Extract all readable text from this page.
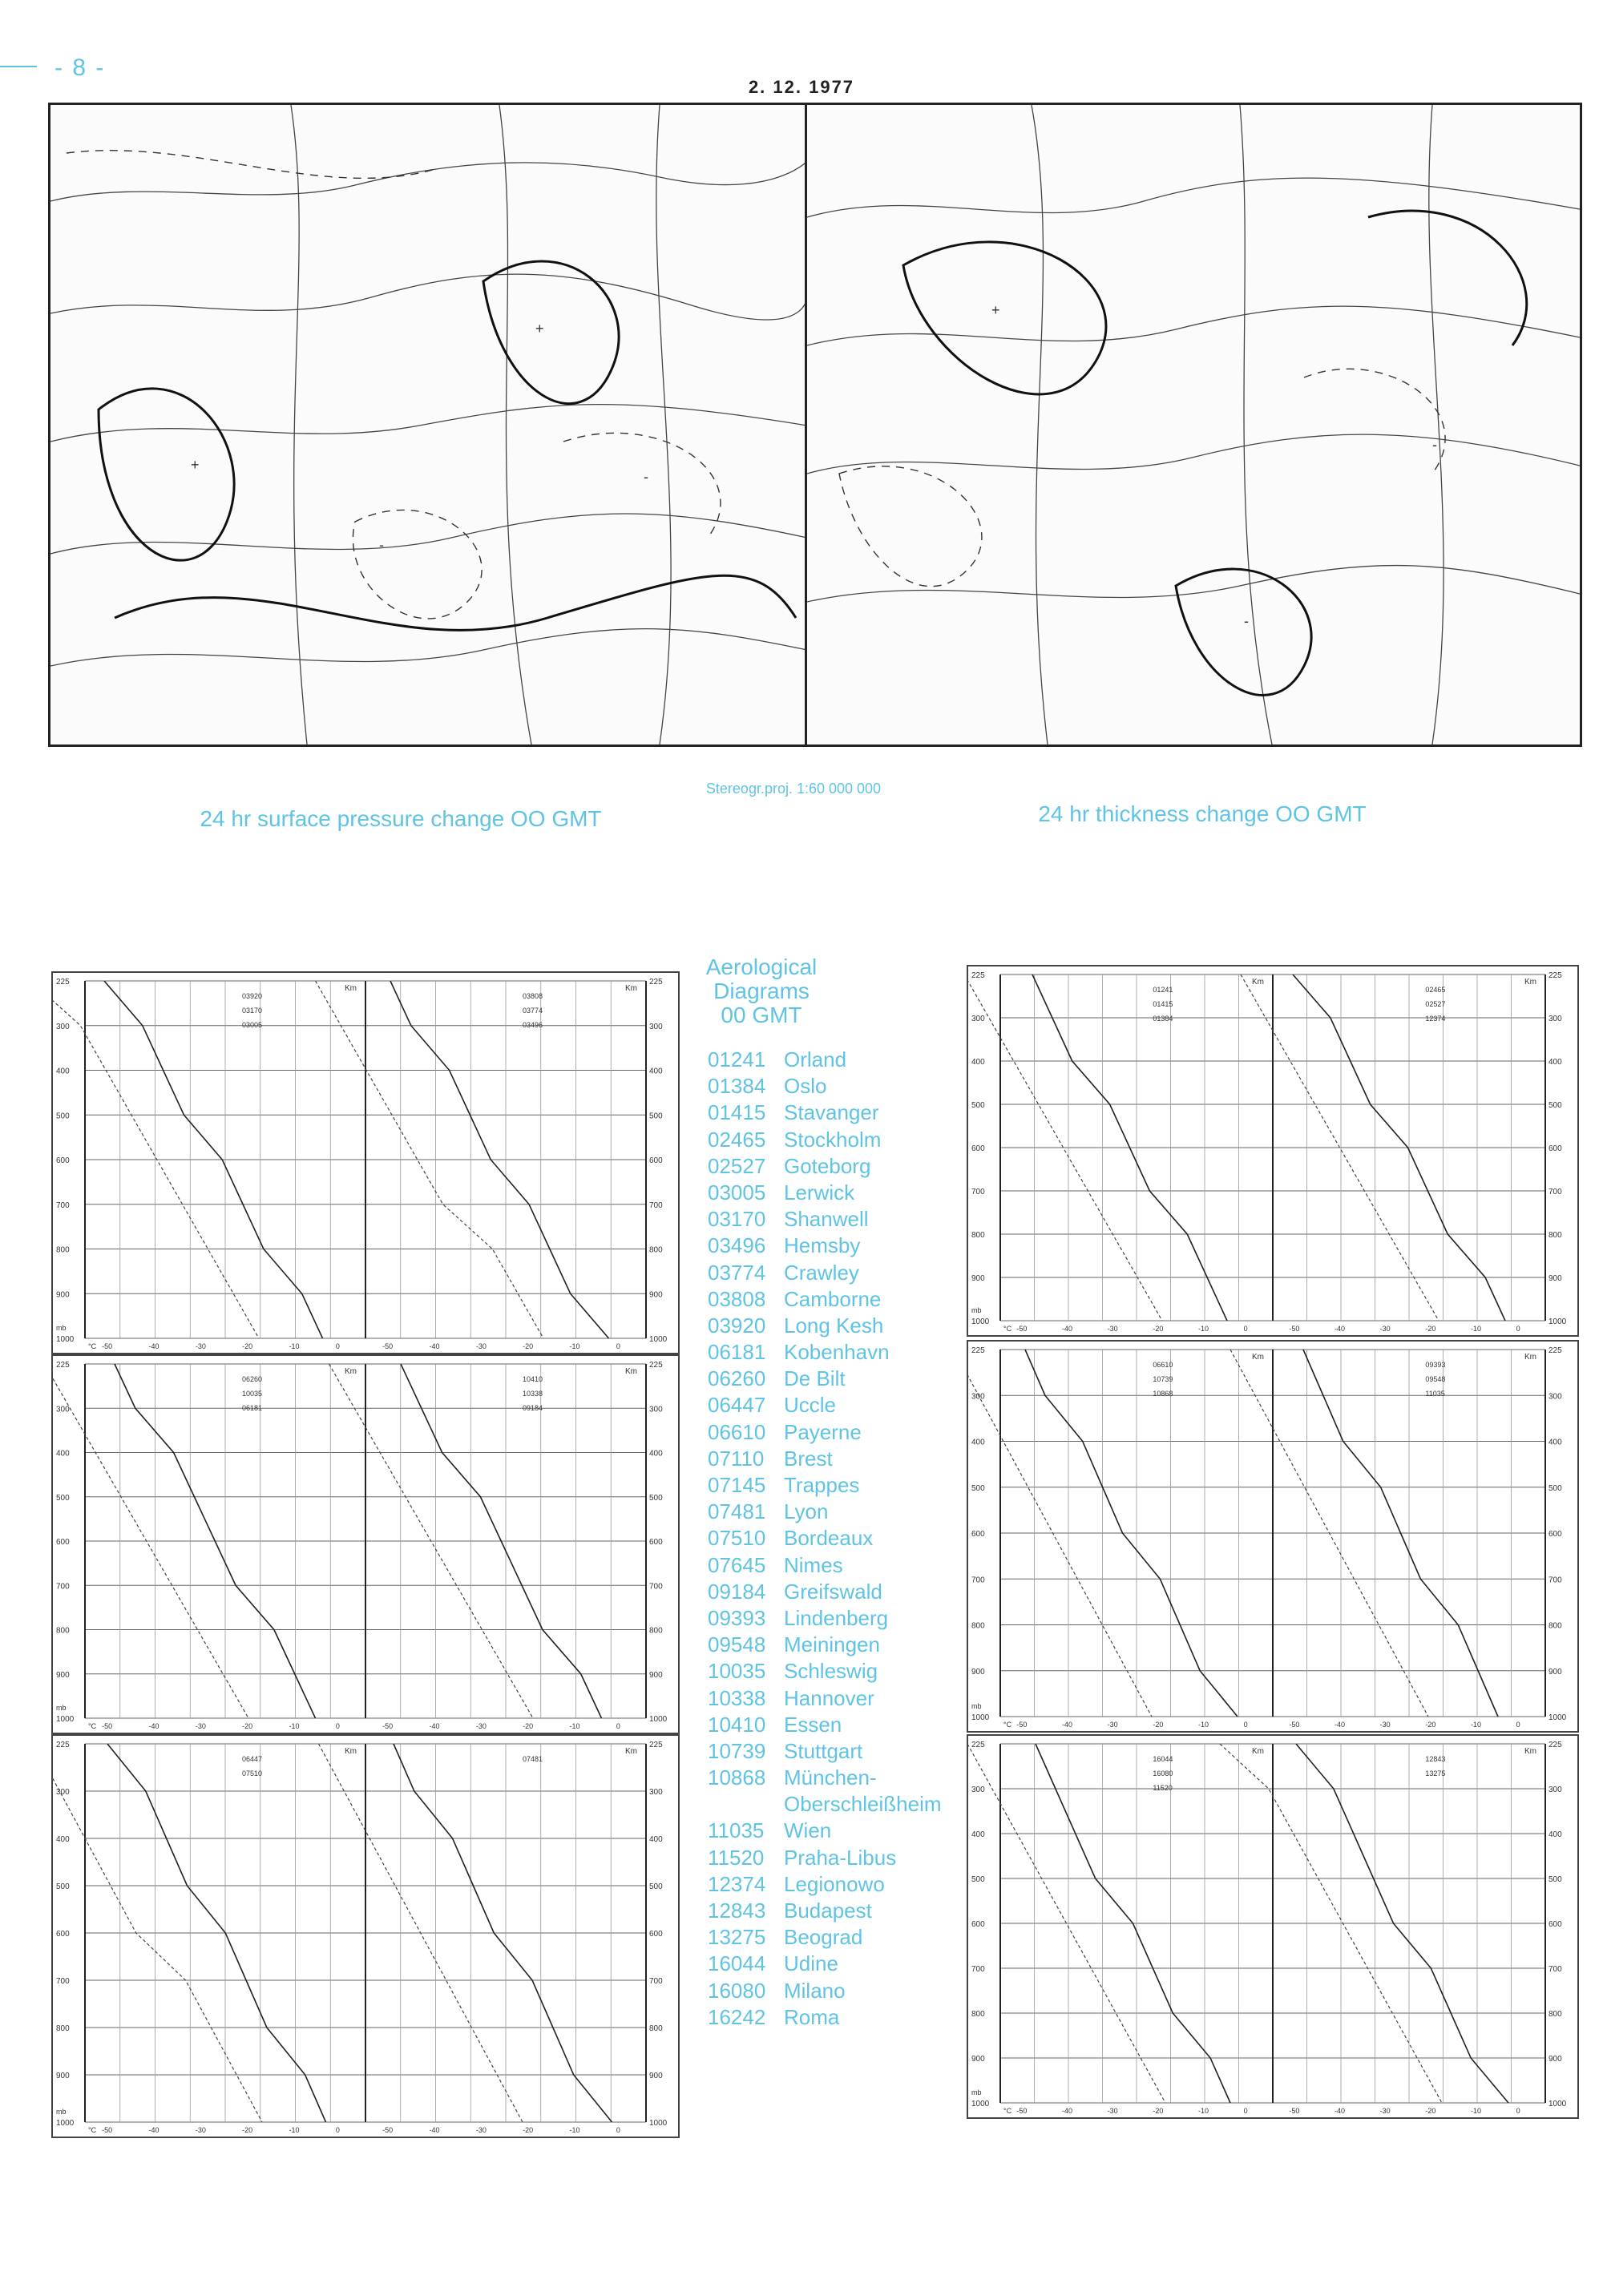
- 8 -
2. 12. 1977
+
+
-
-
+
-
-
24 hr surface pressure change OO GMT
Stereogr.proj. 1:60 000 000
24 hr thickness change OO GMT
225	225
300	300
400	400
500	500
600	600
700	700
800	800
900	900
1000	1000
-50	-40	-30	-20	-10	0
Km
-50	-40	-30	-20	-10	0
Km
03920
03170
03005
03808
03774
03496
mb
°C
225	225
300	300
400	400
500	500
600	600
700	700
800	800
900	900
1000	1000
-50	-40	-30	-20	-10	0
Km
-50	-40	-30	-20	-10	0
Km
06260
10035
06181
10410
10338
09184
mb
°C
225	225
300	300
400	400
500	500
600	600
700	700
800	800
900	900
1000	1000
-50	-40	-30	-20	-10	0
Km
-50	-40	-30	-20	-10	0
Km
06447
07510
07481
mb
°C
225	225
300	300
400	400
500	500
600	600
700	700
800	800
900	900
1000	1000
-50	-40	-30	-20	-10	0
Km
-50	-40	-30	-20	-10	0
Km
01241
01415
01384
02465
02527
12374
mb
°C
225	225
300	300
400	400
500	500
600	600
700	700
800	800
900	900
1000	1000
-50	-40	-30	-20	-10	0
Km
-50	-40	-30	-20	-10	0
Km
06610
10739
10868
09393
09548
11035
mb
°C
225	225
300	300
400	400
500	500
600	600
700	700
800	800
900	900
1000	1000
-50	-40	-30	-20	-10	0
Km
-50	-40	-30	-20	-10	0
Km
16044
16080
11520
12843
13275
mb
°C
Aerological Diagrams 00 GMT
01241 Orland
01384 Oslo
01415 Stavanger
02465 Stockholm
02527 Goteborg
03005 Lerwick
03170 Shanwell
03496 Hemsby
03774 Crawley
03808 Camborne
03920 Long Kesh
06181 Kobenhavn
06260 De Bilt
06447 Uccle
06610 Payerne
07110 Brest
07145 Trappes
07481 Lyon
07510 Bordeaux
07645 Nimes
09184 Greifswald
09393 Lindenberg
09548 Meiningen
10035 Schleswig
10338 Hannover
10410 Essen
10739 Stuttgart
10868 München-Oberschleißheim
11035 Wien
11520 Praha-Libus
12374 Legionowo
12843 Budapest
13275 Beograd
16044 Udine
16080 Milano
16242 Roma
